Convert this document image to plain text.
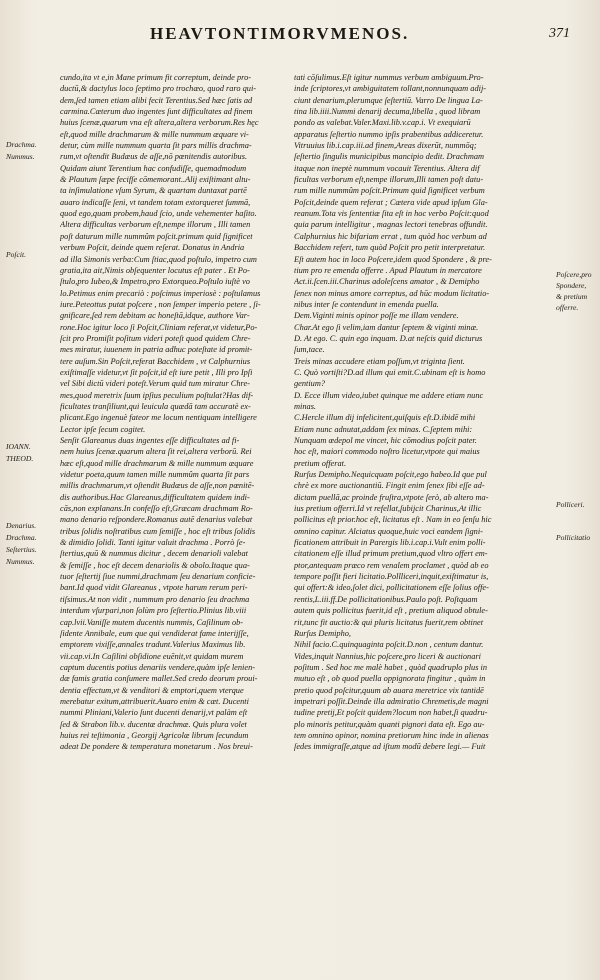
HEAVTONTIMORVMENOS.	371
cundo,ita vt e,in Mane primum fit correptum, deinde pro-
ductū,& dactylus loco ſeptimo pro trochæo, quod raro qui-
dem,ſed tamen etiam alibi fecit Terentius.Sed hæc ſatis ad
carmina.Cæterum duo ingentes ſunt difficultates ad finem
huius ſcenæ,quarum vna eſt altera,altera verborum.Res hęc
eſt,quod mille drachmarum & mille nummum æquare vi-
detur, cùm mille nummum quarta ſit pars millis drachma-
rum,vt oſtendit Budæus de aſſe,nō pœnitendis autoribus.
Quidam aiunt Terentium hac confudiſſe, quemadmodum
& Plautum ſæpe fecifſe cōmemorant..Alij exiſtimant altu-
ta inſimulatione vſum Syrum, & quartam duntaxat partē
auaro indicaſſe ſeni, vt tandem totam extorqueret ſummā,
quod ego,quam probem,haud ſcio, unde vehementer haſito.
Altera difficultas verborum eſt,nempe illorum , Illi tamen
poſt daturum mille nummûm poſcit.primum quid ſignificet
verbum Poſcit, deinde quem reſerat. Donatus in Andria
ad illa Simonis verba:Cum ſtiac,quod poſtulo, impetro cum
gratia,ita ait,Nimis obſequenter locutus eſt pater . Et Po-
ſtulo,pro Iubeo,& Impetro,pro Extorqueo.Poſtulo iuſtè vo
lo.Petimus enim precariò : poſcimus imperiosè : poſtulamus
iure.Peteottus putat poſcere , non ſemper imperio petere , ſi-
gnificare,ſed rem debitam ac honeſtā,idque, authore Var-
rone.Hoc igitur loco ſi Poſcit,Cliniam referat,vt videtur,Po-
ſcit pro Promiſit poſitum videri poteſt quod quidem Chre-
mes miratur, iuuenem in patria adhuc poteſtate id promit-
tere auſum.Sin Poſcit,referat Bacchidem , vt Calphurnius
exiſtimaſſe videtur,vt ſit poſcit,id eſt iure petit , Illi pro Ipſi
vel Sibi dictū videri poteſt.Verum quid tum miratur Chre-
mes,quod meretrix ſuum ipſius peculium poſtulat?Has dif-
ficultates tranſiliunt,qui leuicula quædā tam accuratè ex-
plicant.Ego ingenuè fateor me locum nentiquam intelligere
Lector ipſe ſecum cogitet.
Senſit Glareanus duas ingentes eſſe difficultates ad fi-
nem huius ſcenæ.quarum altera ſit rei,altera verborū. Rei
hæc eſt,quod mille drachmarum & mille nummum æquare
videtur poeta,quum tamen mille nummûm quarta ſit pars
millis drachmarum,vt oſtendit Budæus de aſſe,non pœnitē-
dis authoribus.Hac Glareanus,difficultatem quidem indi-
cās,non explanans.In confeſſo eſt,Græcam drachmam Ro-
mano denario reſpondere.Romanus autē denarius valebat
tribus ſolidis noſtratibus cum ſemiſſe , hoc eſt tribus ſolidis
& dimidio ſolidi. Tanti igitur valuit drachma . Porrò ſe-
ſtertius,quū & nummus dicitur , decem denarioli valebat
& ſemiſſe , hoc eſt decem denariolis & obolo.Itaque qua-
tuor ſeſtertij ſiue nummi,drachmam ſeu denarium conficie-
bant.Id quod vidit Glareanus , vtpote harum rerum peri-
tiſsimus.At non vidit , nummum pro denario ſeu drachma
interdum vſurpari,non ſolùm pro ſeſtertio.Plinius lib.viii
cap.lvii.Vaniſſe mutem ducentis nummis, Caſilinum ob-
ſidente Annibale, eum que qui vendiderat fame interijſſe,
emptorem vixiſſe,annales tradunt.Valerius Maximus lib.
vii.cap.vi.In Caſilini obſidione euēnit,vt quidam murem
captum ducentis potius denariis vendere,quàm ipſe lenien-
dæ famis gratia conſumere mallet.Sed credo deorum proui-
dentia effectum,vt & venditori & emptori,quem vterque
merebatur exitum,attribuerit.Auaro enim & cæt. Ducenti
nummi Pliniani,Valerio ſunt ducenti denarij,vt palàm eſt
ſed & Strabon lib.v. ducentæ drachmæ. Quis plura volet
huius rei teſtimonia , Georgij Agricolæ librum ſecundum
adeat De pondere & temperatura monetarum . Nos breui-
tati cōſulimus.Eſt igitur nummus verbum ambiguum.Pro-
inde ſcriptores,vt ambiguitatem tollant,nonnunquam adij-
ciunt denarium,plerumque ſeſtertiū. Varro De lingua La-
tina lib.iiii.Nummi denarij decuma,libella , quod libram
pondo as valebat.Valer.Maxi.lib.v.cap.i. Vt exequiarū
apparatus ſeſtertio nummo ipſis prabentibus addiceretur.
Vitruuius lib.i.cap.iii.ad finem,Areas dixerūt, nummōq;
ſeſtertio ſingulis municipibus mancipio dedit. Drachmam
itaque non ineptè nummum vocauit Terentius. Altera dif
ficultas verborum eſt,nempe illorum,Illi tamen poſt datu-
rum mille nummûm poſcit.Primum quid ſignificet verbum
Poſcit,deinde quem referat ; Cætera vide apud ipſum Gla-
reanum.Tota vis ſententiæ ſita eſt in hoc verbo Poſcit:quod
quia parum intelligitur , magnas lectori tenebras offundit.
Calphurnius hic bifariam errat , tum quòd hoc verbum ad
Bacchidem refert, tum quòd Poſcit pro petit interpretatur.
Eſt autem hoc in loco Poſcere,idem quod Spondere , & pre-
tium pro re emenda offerre . Apud Plautum in mercatore
Act.ii.ſcen.iii.Charinus adoleſcens amator , & Demipho
ſenex non minus amore correptus, ad hūc modum licitatio-
nibus inter ſe contendunt in emenda puella.
Dem.Viginti minis opinor poſſe me illam vendere.
Char.At ego ſi velim,iam dantur ſeptem & viginti minæ.
D. At ego. C. quin ego inquam. D.at neſcis quid dicturus
ſum,tace.
Treis minas accudere etiam poſſum,vt triginta ſient.
C. Quò vortiſti?D.ad illum qui emit.C.ubinam eſt is homo
gentium?
D. Ecce illum video,iubet quinque me addere etiam nunc
minas.
C.Hercle illum dij infelicitent,quiſquis eſt.D.ibidē mihi
Etiam nunc adnutat,addam ſex minas. C.ſeptem mihi:
Nunquam œdepol me vincet, hic cōmodius poſcit pater.
hoc eſt, maiori commodo noſtro licetur,vtpote qui maius
pretium offerat.
Rurſus Demipho.Nequicquam poſcit,ego habeo.Id que pul
chrè ex more auctionantiū. Fingit enim ſenex ſibi eſſe ad-
dictam puellā,ac proinde fruſtra,vtpote ſerò, ab altero ma-
ius pretium offerri.Id vt refellat,ſubijcit Charinus,At illic
pollicitus eſt prior.hoc eſt, licitatus eſt . Nam in eo ſenſu hic
omnino capitur. Alciatus quoque,huic voci eandem ſigni-
ficationem attribuit in Parergis lib.i.cap.i.Vult enim polli-
citationem eſſe illud primum pretium,quod vltro offert em-
ptor,antequam præco rem venalem proclamet , quòd ab eo
tempore poſſit fieri licitatio.Pollliceri,inquit,exiſtimatur is,
qui offert:& ideo,ſolet dici, pollicitationem eſſe ſolius offe-
rentis,L.iii.ff.De pollicitationibus.Paulo poſt. Poſtquam
autem quis pollicitus fuerit,id eſt , pretium aliquod obtule-
rit,tunc fit auctio:& qui pluris licitatus fuerit,rem obtinet
Rurſus Demipho,
Nihil facio.C.quinquaginta poſcit.D.non , centum dantur.
Vides,inquit Nannius,hic poſcere,pro liceri & auctionari
poſitum . Sed hoc me malè habet , quòd quadruplo plus in
mutuo eſt , ob quod puella oppignorata fingitur , quàm in
pretio quod poſcitur,quum ab auara meretrice vix tantidē
impetrari poſſit.Deinde illa admiratio Chremetis,de magni
tudine pretij,Et poſcit quidem?locum non habet,ſi quadru-
plo minoris petitur,quàm quanti pignori data eſt. Ego au-
tem omnino opinor, nomina pretiorum hinc inde in alienas
ſedes immigraſſe,atque ad iſtum modū debere legi.— Fuit
Drachma.
Nummus.
Poſcit.
IOANN.
THEOD.
Denarius.
Drachma.
Seſtertius.
Nummus.
Poſcere,pro
Spondere,
& pretium
offerre.
Polliceri.
Pollicitatio
